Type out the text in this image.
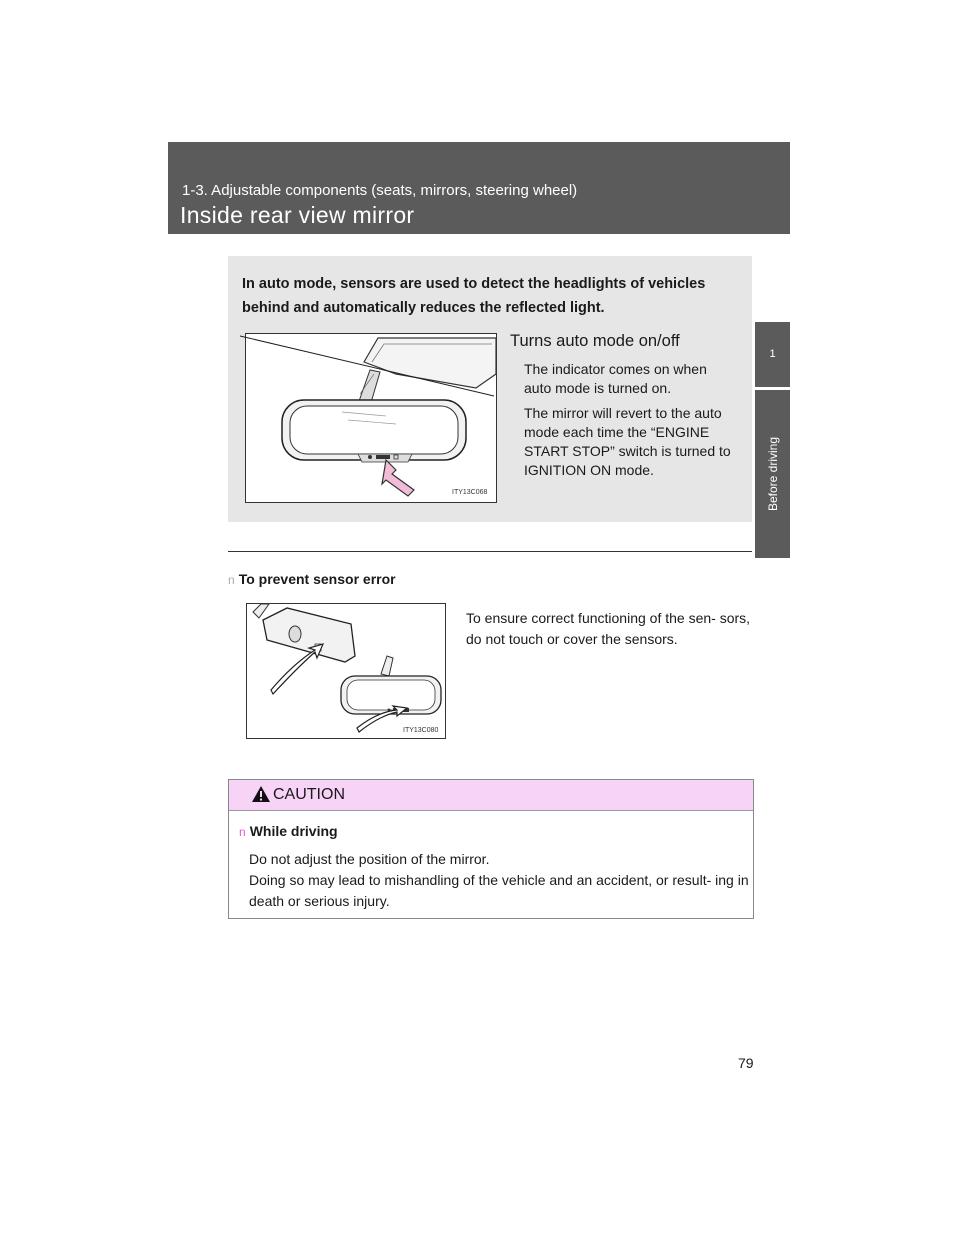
1‑3. Adjustable components (seats, mirrors, steering wheel)
Inside rear view mirror
1
Before driving
In auto mode, sensors are used to detect the headlights of vehicles behind and automatically reduces the reflected light.
ITY13C068
Turns auto mode on/off
The indicator comes on when auto mode is turned on.
The mirror will revert to the auto mode each time the “ENGINE START STOP” switch is turned to IGNITION ON mode.
n To prevent sensor error
ITY13C080
To ensure correct functioning of the sen‑ sors, do not touch or cover the sensors.
CAUTION
n While driving
Do not adjust the position of the mirror.
Doing so may lead to mishandling of the vehicle and an accident, or result‑ ing in death or serious injury.
79
